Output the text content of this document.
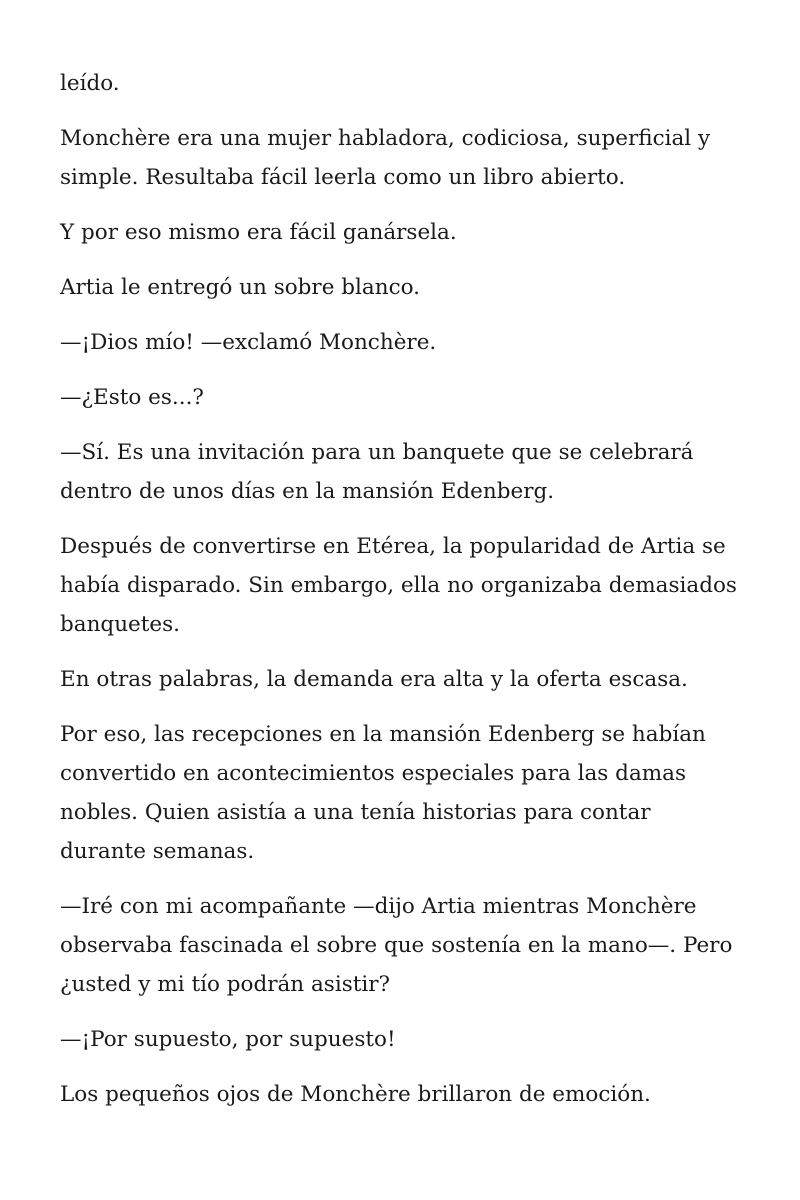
leído.

Monchère era una mujer habladora, codiciosa, superficial y simple. Resultaba fácil leerla como un libro abierto.

Y por eso mismo era fácil ganársela.

Artia le entregó un sobre blanco.

—¡Dios mío! —exclamó Monchère.

—¿Esto es...?

—Sí. Es una invitación para un banquete que se celebrará dentro de unos días en la mansión Edenberg.

Después de convertirse en Etérea, la popularidad de Artia se había disparado. Sin embargo, ella no organizaba demasiados banquetes.

En otras palabras, la demanda era alta y la oferta escasa.

Por eso, las recepciones en la mansión Edenberg se habían convertido en acontecimientos especiales para las damas nobles. Quien asistía a una tenía historias para contar durante semanas.

—Iré con mi acompañante —dijo Artia mientras Monchère observaba fascinada el sobre que sostenía en la mano—. Pero ¿usted y mi tío podrán asistir?

—¡Por supuesto, por supuesto!

Los pequeños ojos de Monchère brillaron de emoción.
